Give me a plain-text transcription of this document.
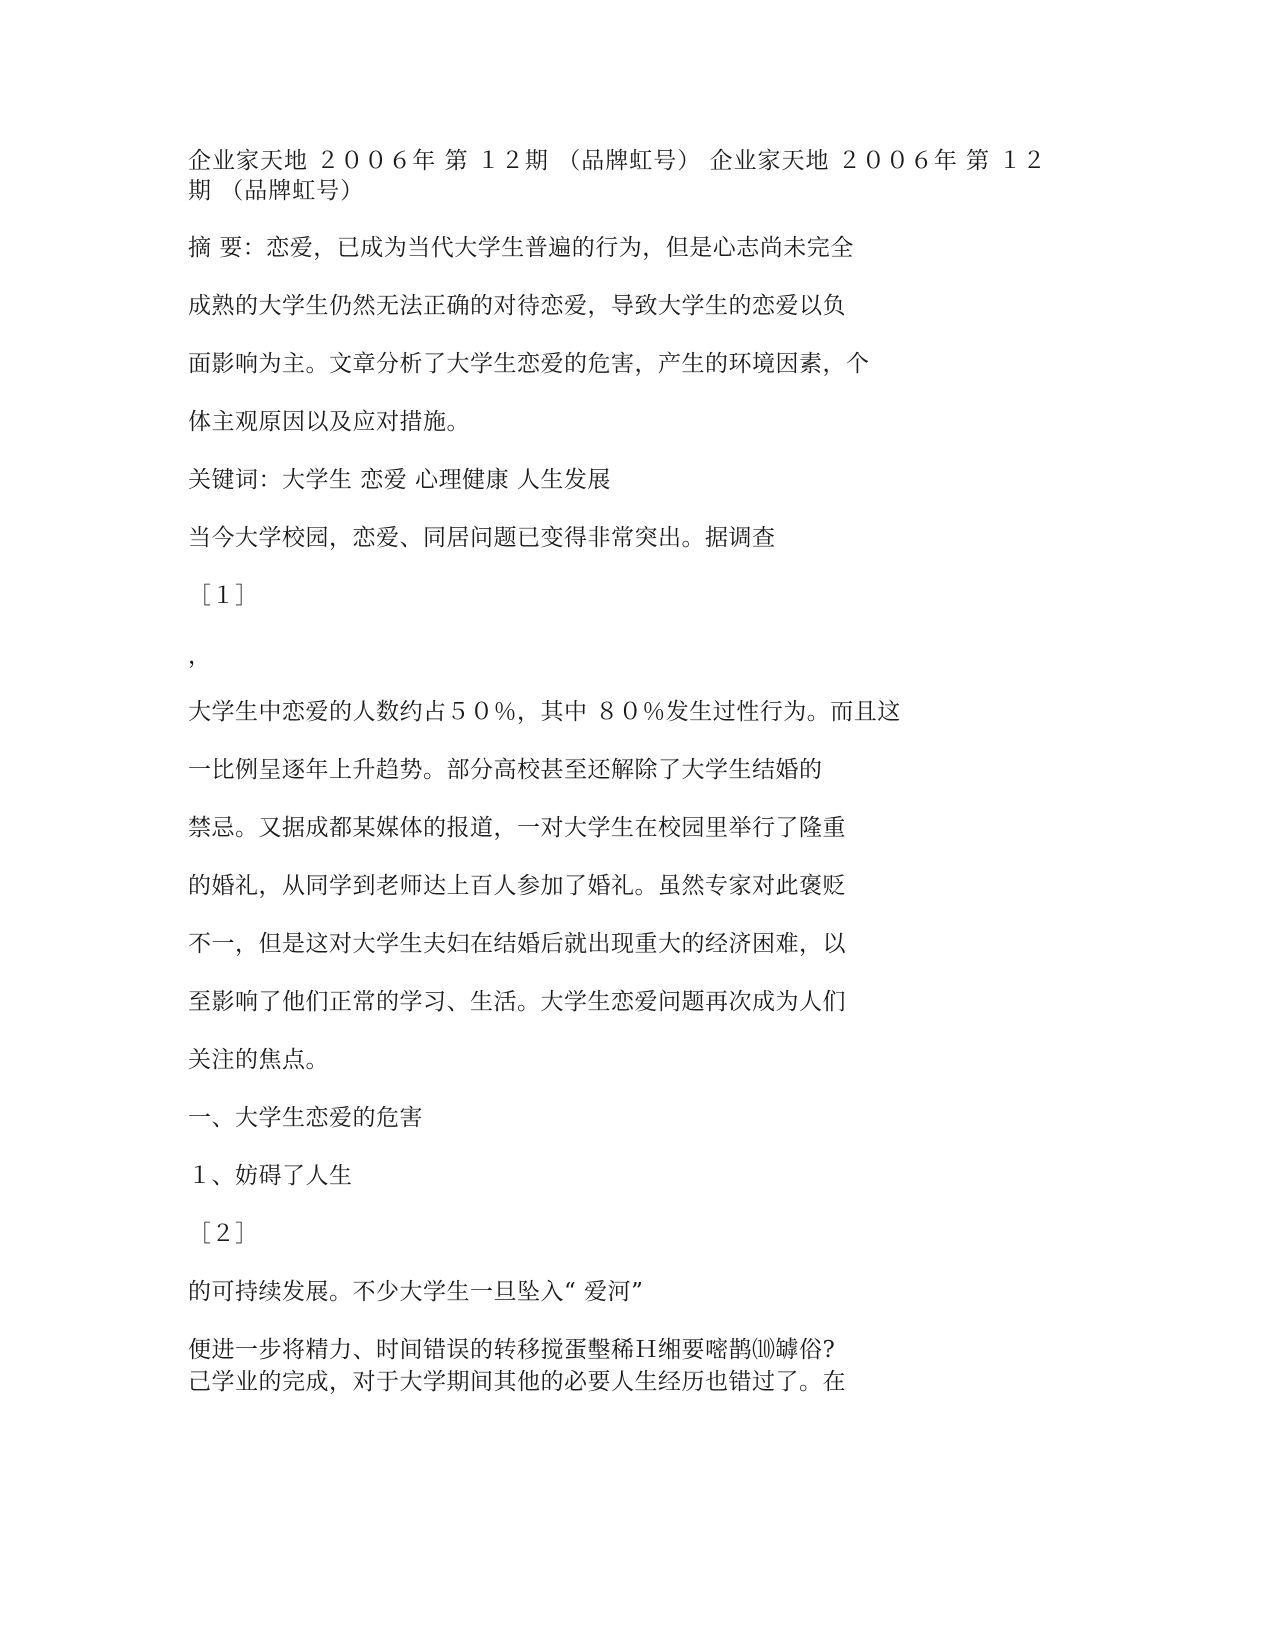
企业家天地 ２００６年 第 １２期 （品牌虹号） 企业家天地 ２００６年 第 １２
期 （品牌虹号）
摘 要：恋爱，已成为当代大学生普遍的行为，但是心志尚未完全
成熟的大学生仍然无法正确的对待恋爱，导致大学生的恋爱以负
面影响为主。文章分析了大学生恋爱的危害，产生的环境因素，个
体主观原因以及应对措施。
关键词：大学生 恋爱 心理健康 人生发展
当今大学校园，恋爱、同居问题已变得非常突出。据调查
［１］
，
大学生中恋爱的人数约占５０％，其中 ８０％发生过性行为。而且这
一比例呈逐年上升趋势。部分高校甚至还解除了大学生结婚的
禁忌。又据成都某媒体的报道，一对大学生在校园里举行了隆重
的婚礼，从同学到老师达上百人参加了婚礼。虽然专家对此褒贬
不一，但是这对大学生夫妇在结婚后就出现重大的经济困难，以
至影响了他们正常的学习、生活。大学生恋爱问题再次成为人们
关注的焦点。
一、大学生恋爱的危害
１、妨碍了人生
［２］
的可持续发展。不少大学生一旦坠入“ 爱河”
便进一步将精力、时间错误的转移搅蛋墼稀Ｈ缃要嘧鹊⑽罅俗?
己学业的完成，对于大学期间其他的必要人生经历也错过了。在
